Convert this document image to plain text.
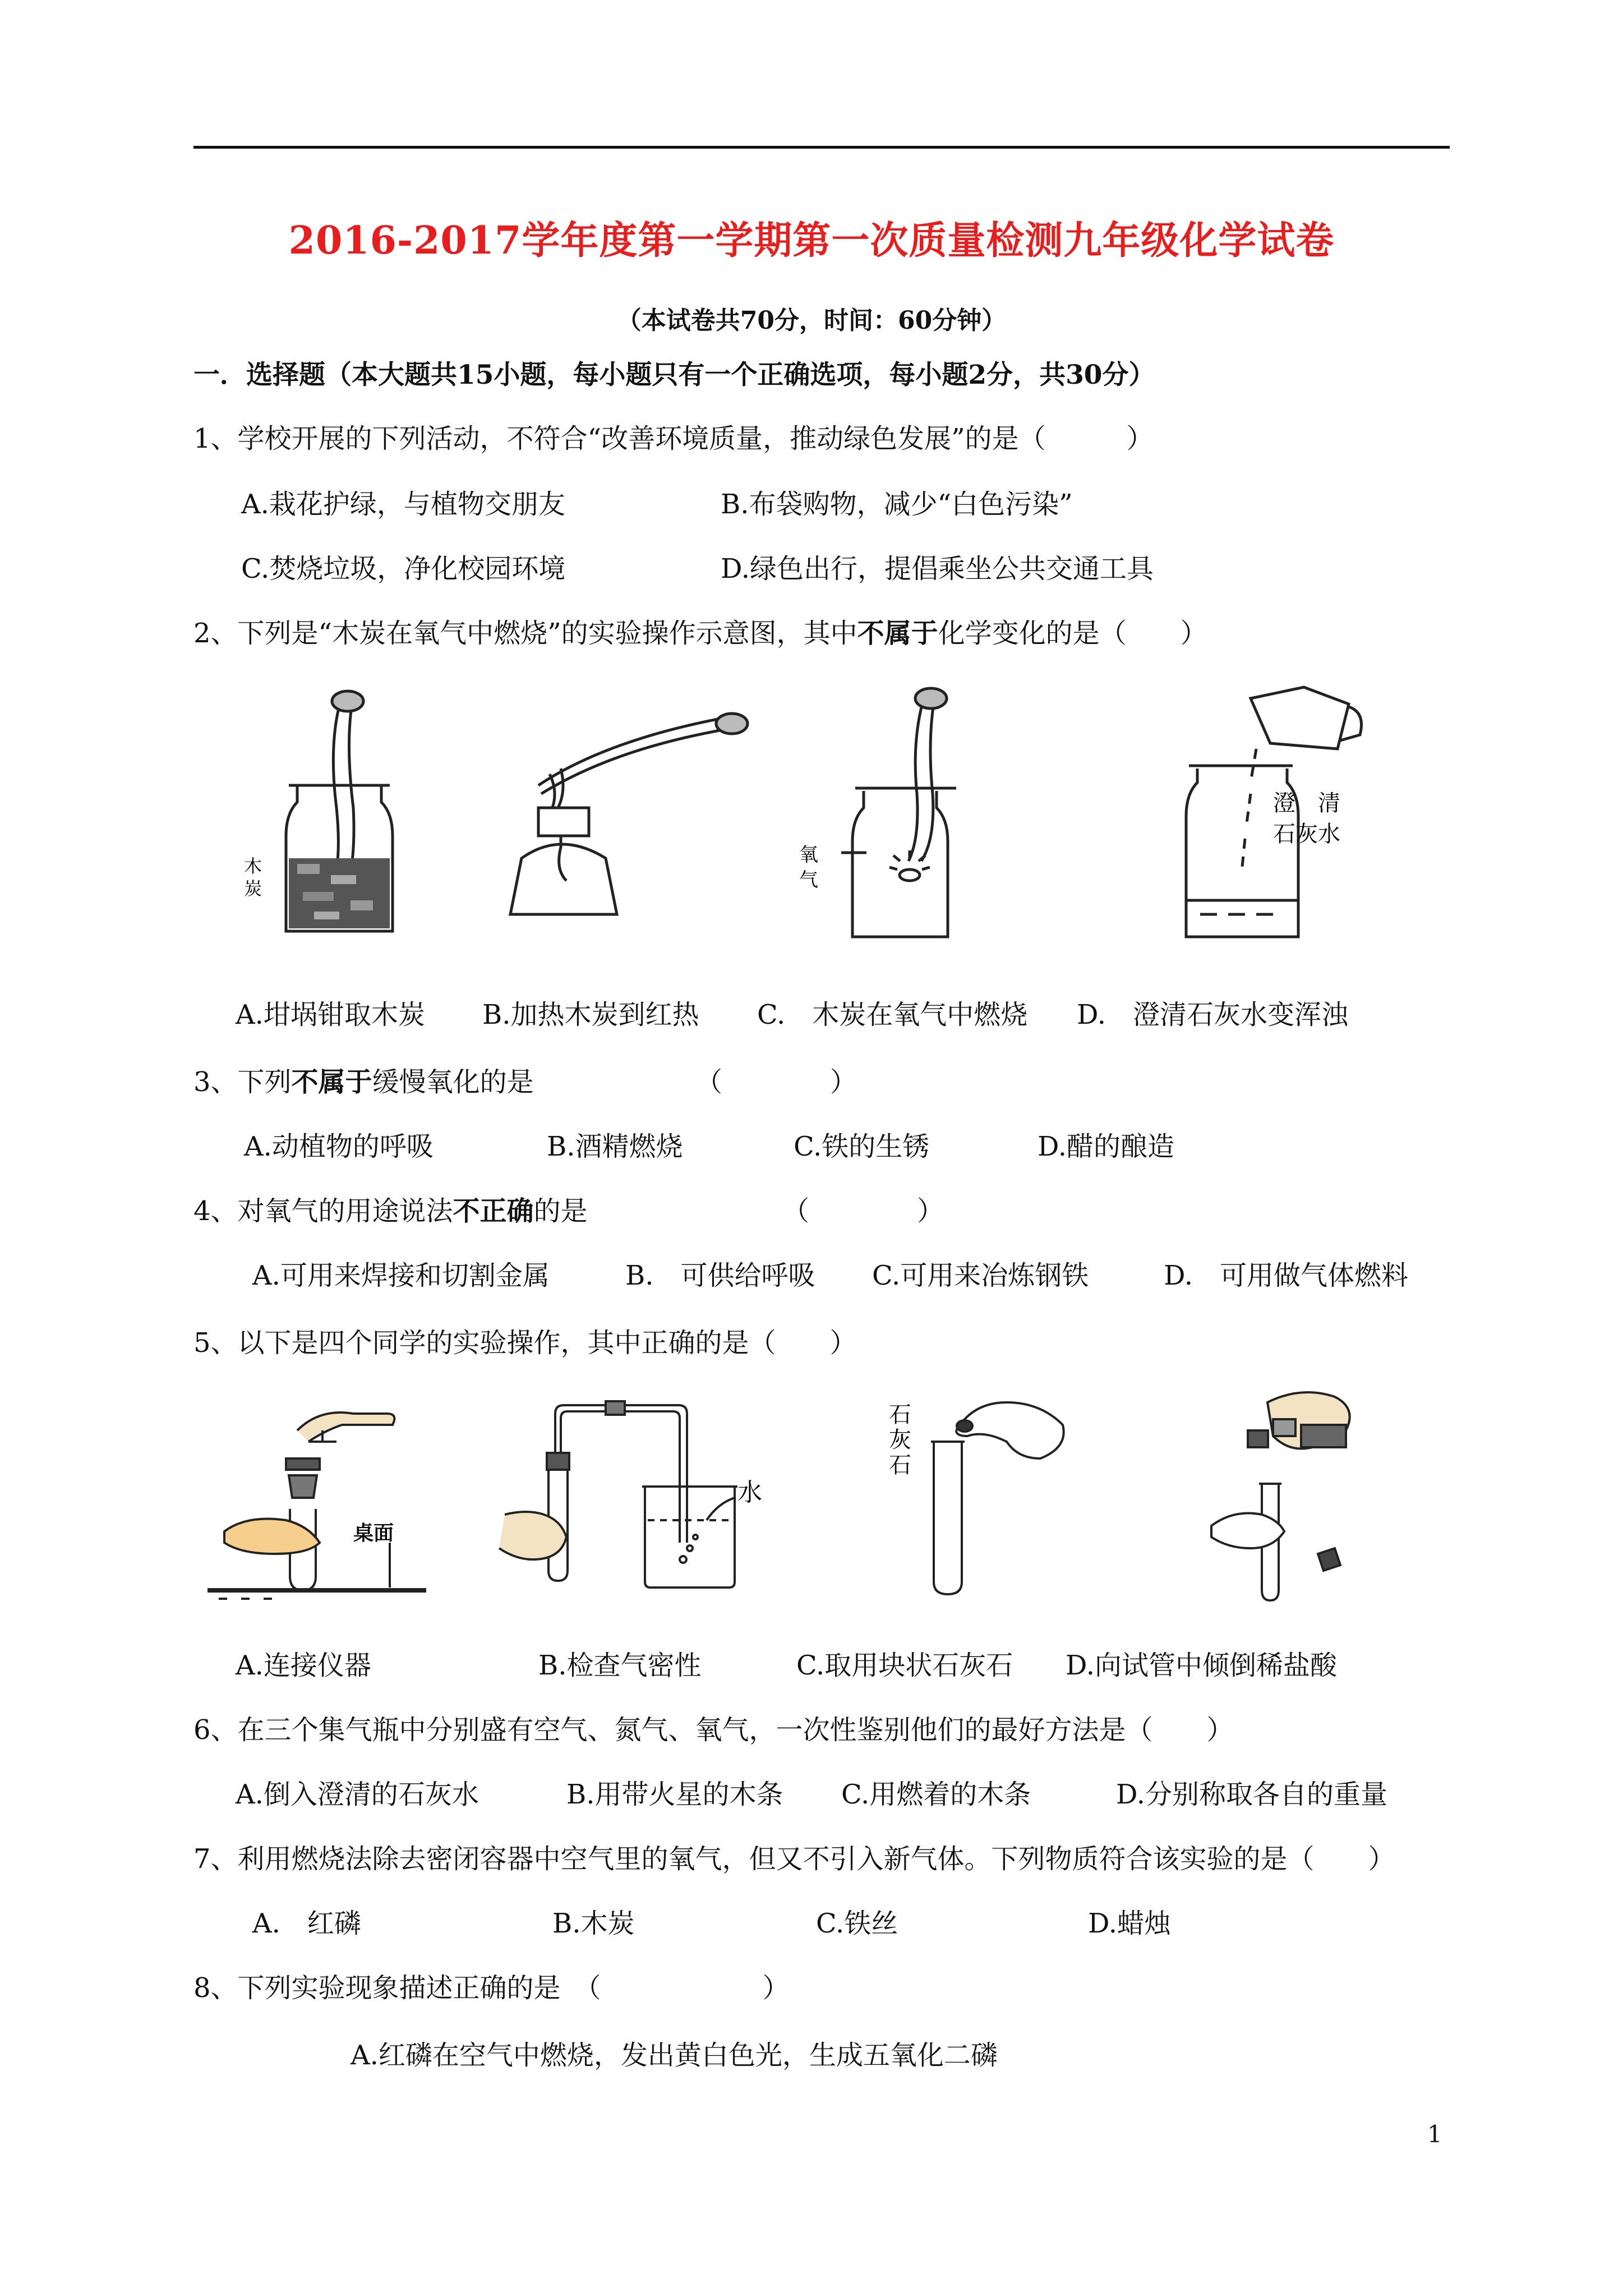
2016-2017学年度第一学期第一次质量检测九年级化学试卷
（本试卷共70分，时间：60分钟）
一．选择题（本大题共15小题，每小题只有一个正确选项，每小题2分，共30分）
1、学校开展的下列活动，不符合“改善环境质量，推动绿色发展”的是（　　　）
A.栽花护绿，与植物交朋友	B.布袋购物，减少“白色污染”
C.焚烧垃圾，净化校园环境	D.绿色出行，提倡乘坐公共交通工具
2、下列是“木炭在氧气中燃烧”的实验操作示意图，其中不属于化学变化的是（　　）
木
炭
氧
气
澄　清
石灰水
A.坩埚钳取木炭 B.加热木炭到红热 C.　木炭在氧气中燃烧 D.　澄清石灰水变浑浊
3、下列不属于缓慢氧化的是	（　　　　）
A.动植物的呼吸	B.酒精燃烧	C.铁的生锈	D.醋的酿造
4、对氧气的用途说法不正确的是	（　　　　）
A.可用来焊接和切割金属	B.　可供给呼吸 C.可用来冶炼钢铁	D.　可用做气体燃料
5、以下是四个同学的实验操作，其中正确的是（　　）
桌面
水
石
灰
石
A.连接仪器	B.检查气密性	C.取用块状石灰石 D.向试管中倾倒稀盐酸
6、在三个集气瓶中分别盛有空气、氮气、氧气，一次性鉴别他们的最好方法是（　　）
A.倒入澄清的石灰水	B.用带火星的木条 C.用燃着的木条	D.分别称取各自的重量
7、利用燃烧法除去密闭容器中空气里的氧气，但又不引入新气体。下列物质符合该实验的是（　　）
A.　红磷	B.木炭	C.铁丝	D.蜡烛
8、下列实验现象描述正确的是　（　　　　　　）
A.红磷在空气中燃烧，发出黄白色光，生成五氧化二磷
1
